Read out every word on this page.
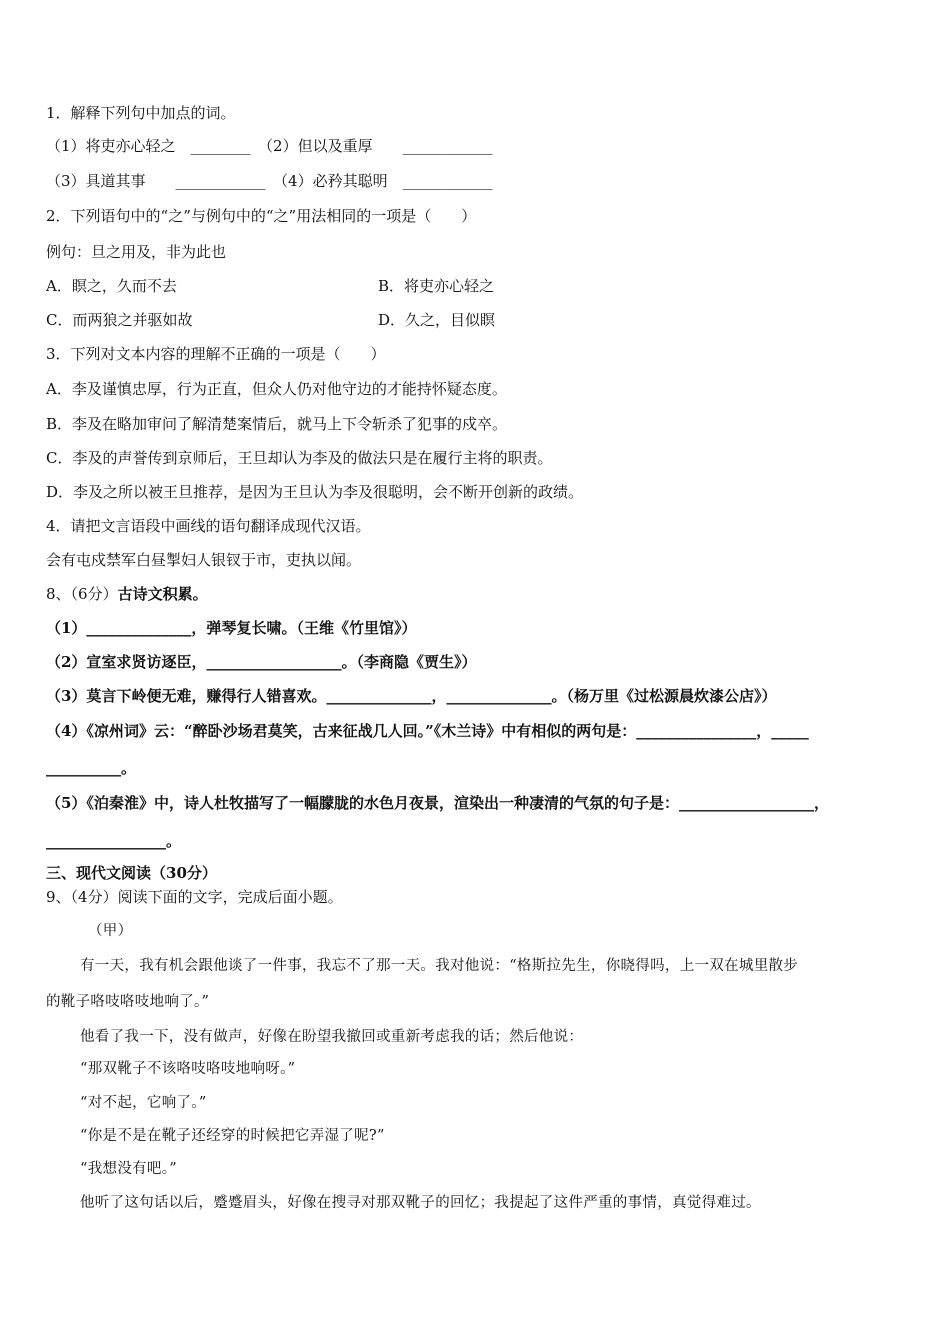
1．解释下列句中加点的词。
（1）将吏亦心轻之　________　（2）但以及重厚　　____________
（3）具道其事　　____________　（4）必矜其聪明　____________
2．下列语句中的“之”与例句中的“之”用法相同的一项是（　　）
例句：旦之用及，非为此也
A．瞑之，久而不去	B．将吏亦心轻之
C．而两狼之并驱如故	D．久之，目似瞑
3．下列对文本内容的理解不正确的一项是（　　）
A．李及谨慎忠厚，行为正直，但众人仍对他守边的才能持怀疑态度。
B．李及在略加审问了解清楚案情后，就马上下令斩杀了犯事的戍卒。
C．李及的声誉传到京师后，王旦却认为李及的做法只是在履行主将的职责。
D．李及之所以被王旦推荐，是因为王旦认为李及很聪明，会不断开创新的政绩。
4．请把文言语段中画线的语句翻译成现代汉语。
会有屯戍禁军白昼掣妇人银钗于市，吏执以闻。
8、（6分）古诗文积累。
（1）______________，弹琴复长啸。（王维《竹里馆》）
（2）宣室求贤访逐臣，__________________。（李商隐《贾生》）
（3）莫言下岭便无难，赚得行人错喜欢。______________，______________。（杨万里《过松源晨炊漆公店》）
（4）《凉州词》云：“醉卧沙场君莫笑，古来征战几人回。”《木兰诗》中有相似的两句是：________________，_____
__________。
（5）《泊秦淮》中，诗人杜牧描写了一幅朦胧的水色月夜景，渲染出一种凄清的气氛的句子是：__________________，
________________。
三、现代文阅读（30分）
9、（4分）阅读下面的文字，完成后面小题。
（甲）
有一天，我有机会跟他谈了一件事，我忘不了那一天。我对他说：“格斯拉先生，你晓得吗，上一双在城里散步
的靴子咯吱咯吱地响了。”
他看了我一下，没有做声，好像在盼望我撤回或重新考虑我的话；然后他说：
“那双靴子不该咯吱咯吱地响呀。”
“对不起，它响了。”
“你是不是在靴子还经穿的时候把它弄湿了呢?”
“我想没有吧。”
他听了这句话以后，蹙蹙眉头，好像在搜寻对那双靴子的回忆；我提起了这件严重的事情，真觉得难过。
